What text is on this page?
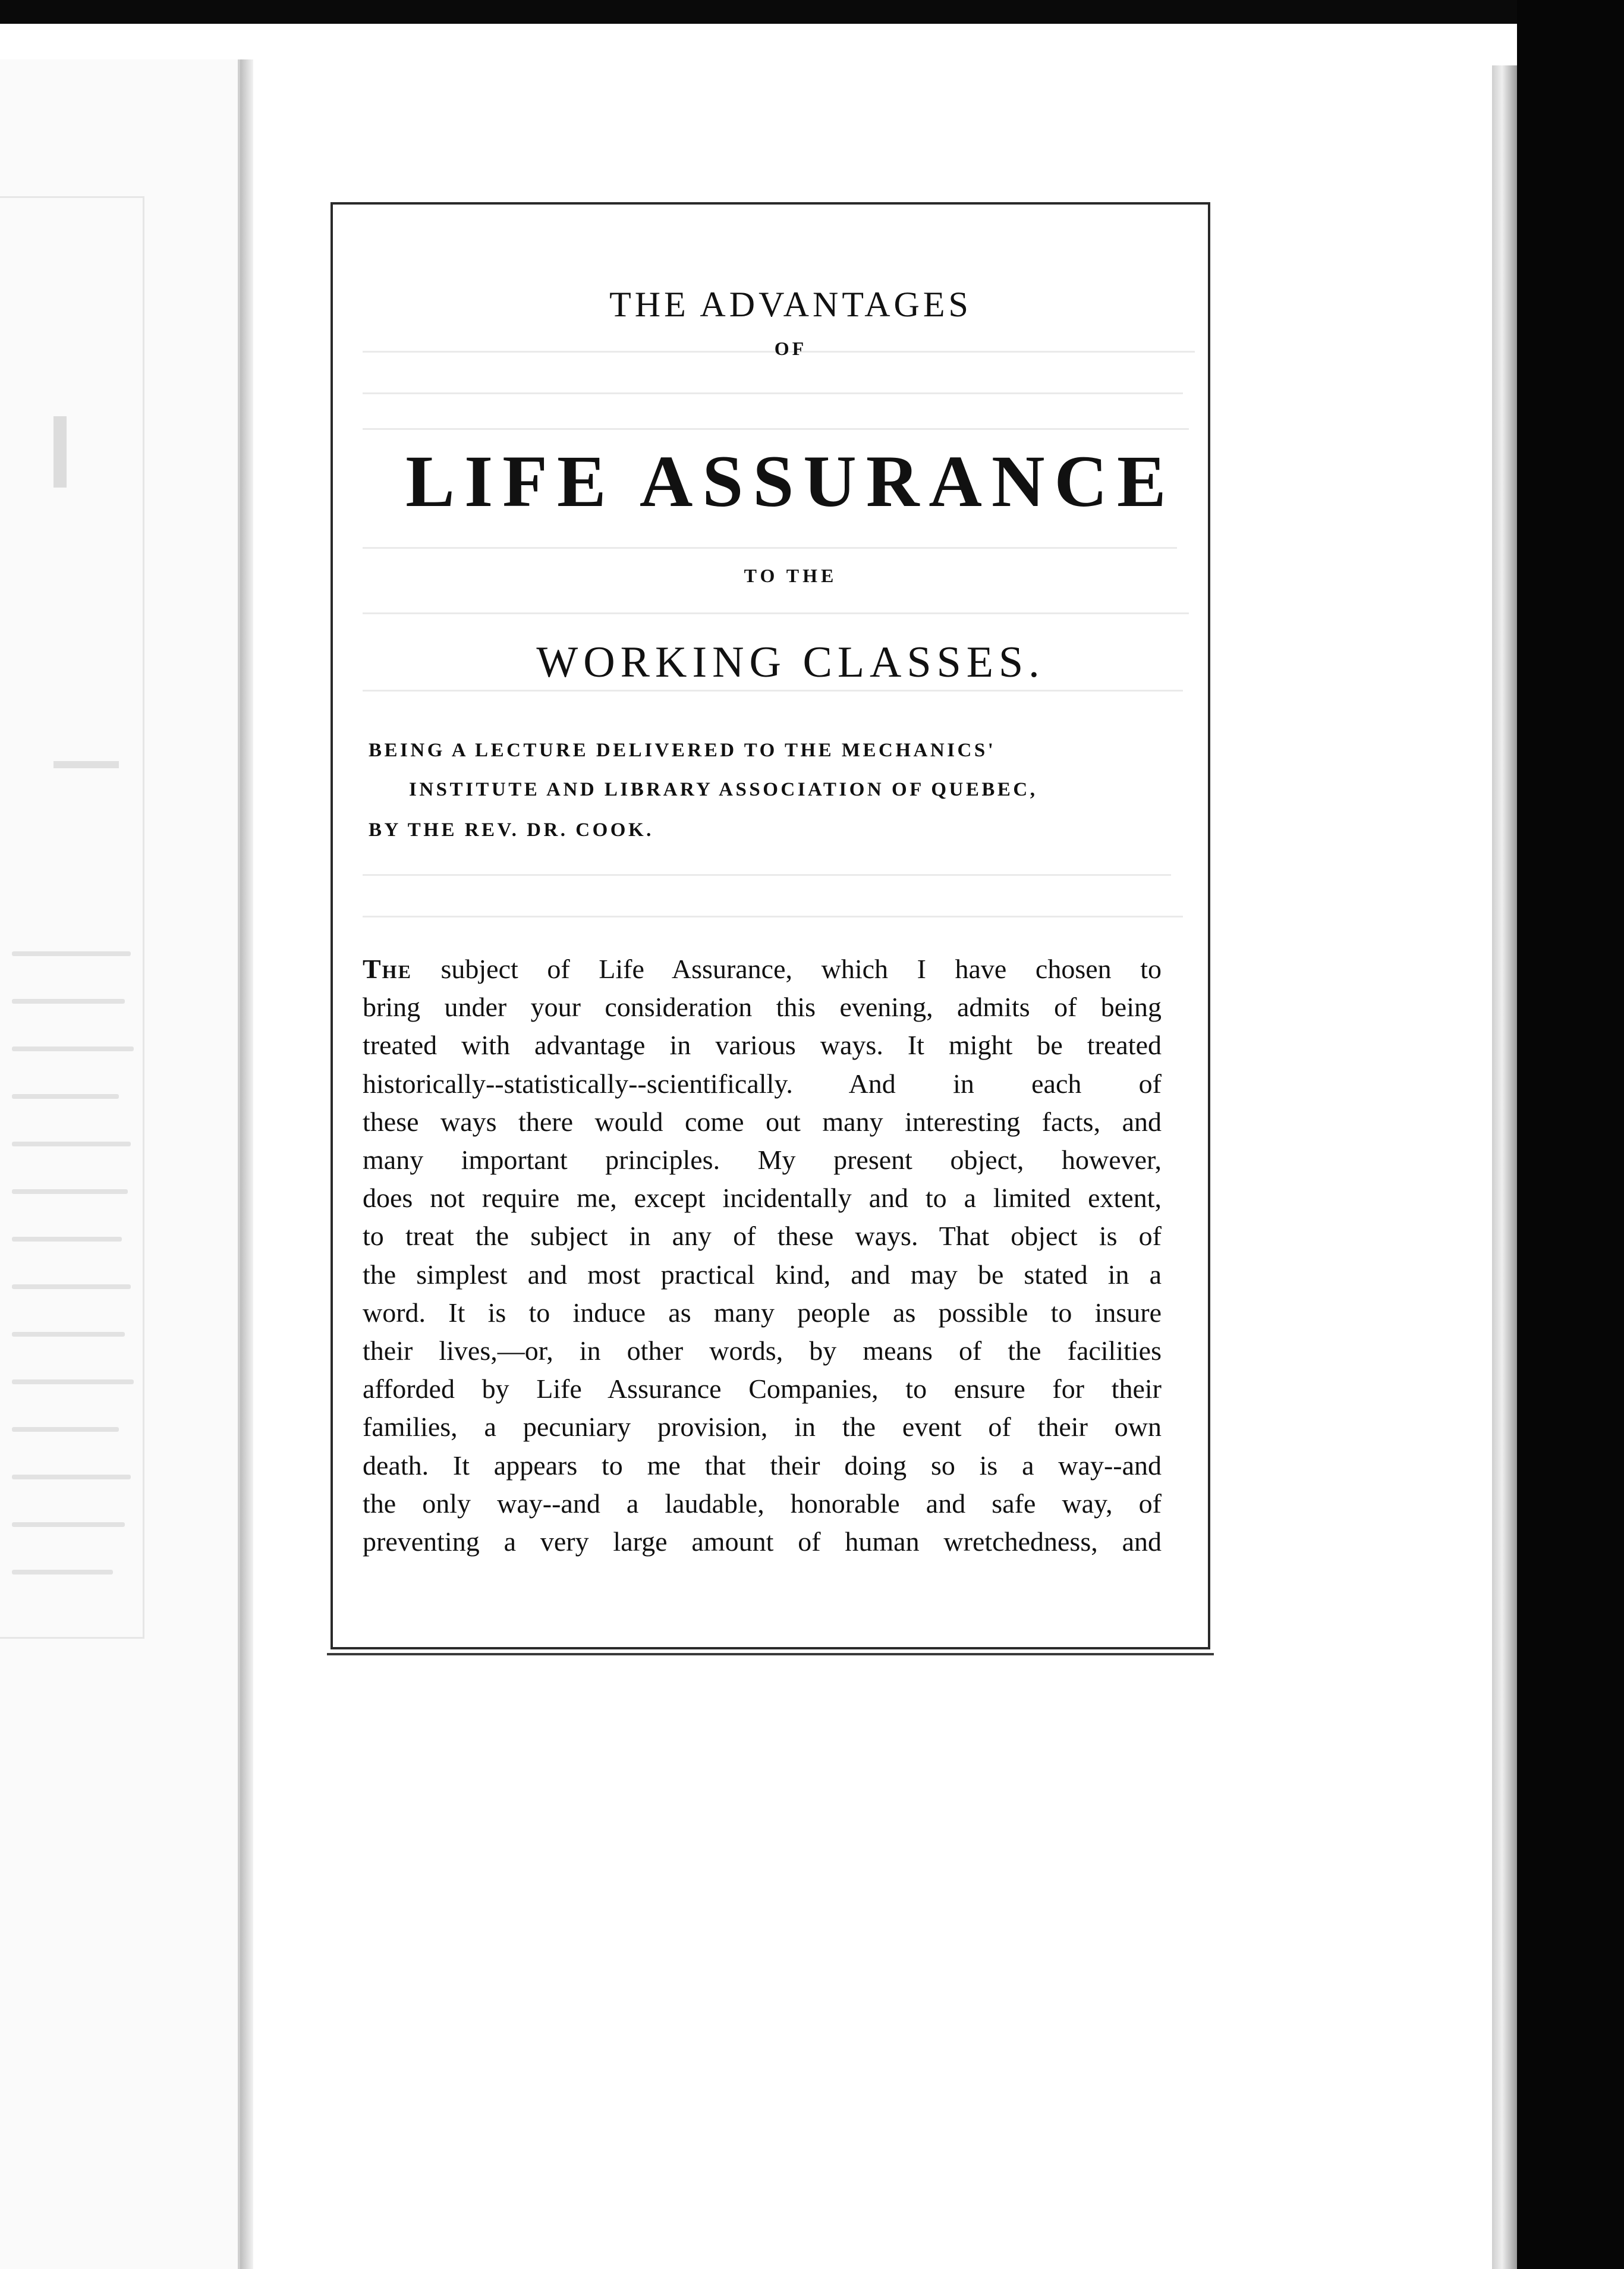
THE ADVANTAGES
OF
LIFE ASSURANCE
TO THE
WORKING CLASSES.
BEING A LECTURE DELIVERED TO THE MECHANICS'
INSTITUTE AND LIBRARY ASSOCIATION OF QUEBEC,
BY THE REV. DR. COOK.
The subject of Life Assurance, which I have chosen to
bring under your consideration this evening, admits of being
treated with advantage in various ways. It might be treated
historically--statistically--scientifically. And in each of
these ways there would come out many interesting facts, and
many important principles. My present object, however,
does not require me, except incidentally and to a limited extent,
to treat the subject in any of these ways. That object is of
the simplest and most practical kind, and may be stated in a
word. It is to induce as many people as possible to insure
their lives,—or, in other words, by means of the facilities
afforded by Life Assurance Companies, to ensure for their
families, a pecuniary provision, in the event of their own
death. It appears to me that their doing so is a way--and
the only way--and a laudable, honorable and safe way, of
preventing a very large amount of human wretchedness, and
